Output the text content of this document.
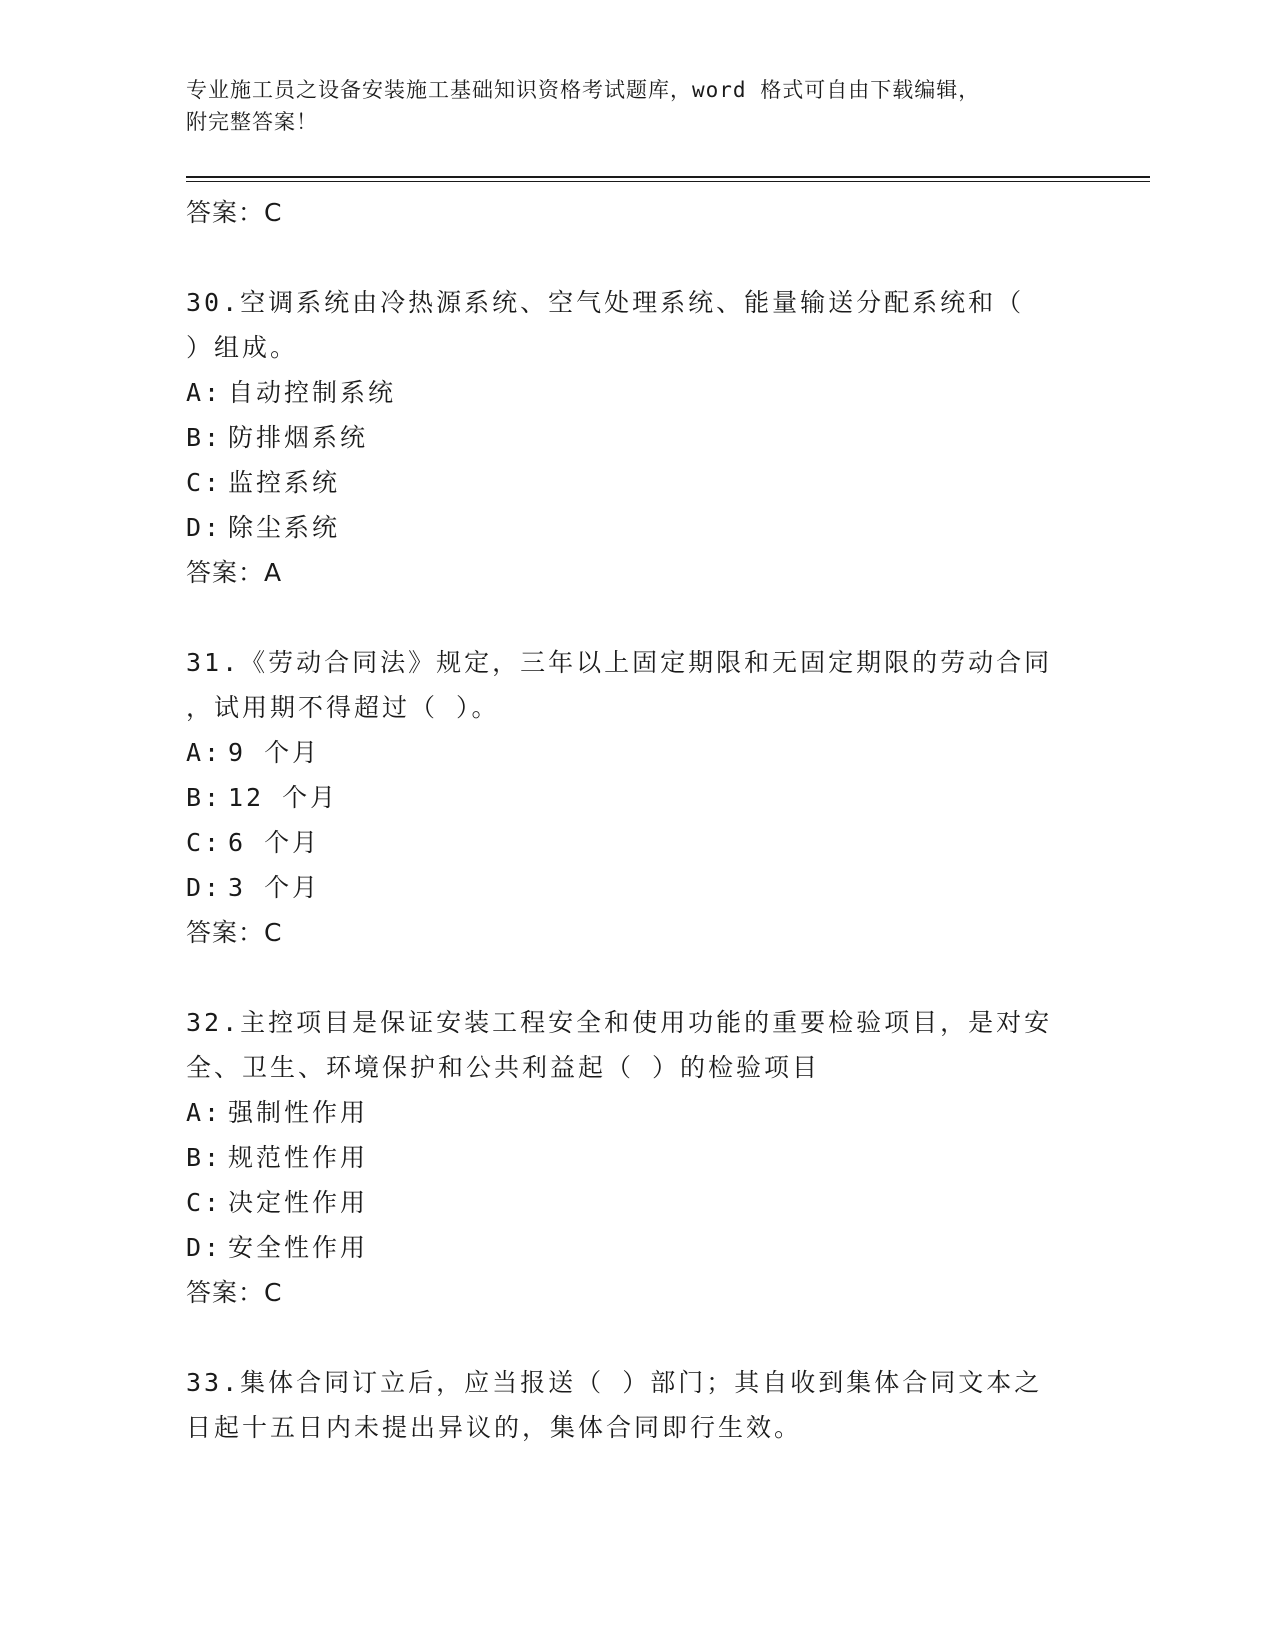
专业施工员之设备安装施工基础知识资格考试题库，word 格式可自由下载编辑，
附完整答案！
答案：C
30.空调系统由冷热源系统、空气处理系统、能量输送分配系统和（
）组成。
A: 自动控制系统
B: 防排烟系统
C: 监控系统
D: 除尘系统
答案：A
31.《劳动合同法》规定，三年以上固定期限和无固定期限的劳动合同
，试用期不得超过（ ）。
A: 9 个月
B: 12 个月
C: 6 个月
D: 3 个月
答案：C
32.主控项目是保证安装工程安全和使用功能的重要检验项目，是对安
全、卫生、环境保护和公共利益起（ ）的检验项目
A: 强制性作用
B: 规范性作用
C: 决定性作用
D: 安全性作用
答案：C
33.集体合同订立后，应当报送（ ）部门；其自收到集体合同文本之
日起十五日内未提出异议的，集体合同即行生效。
